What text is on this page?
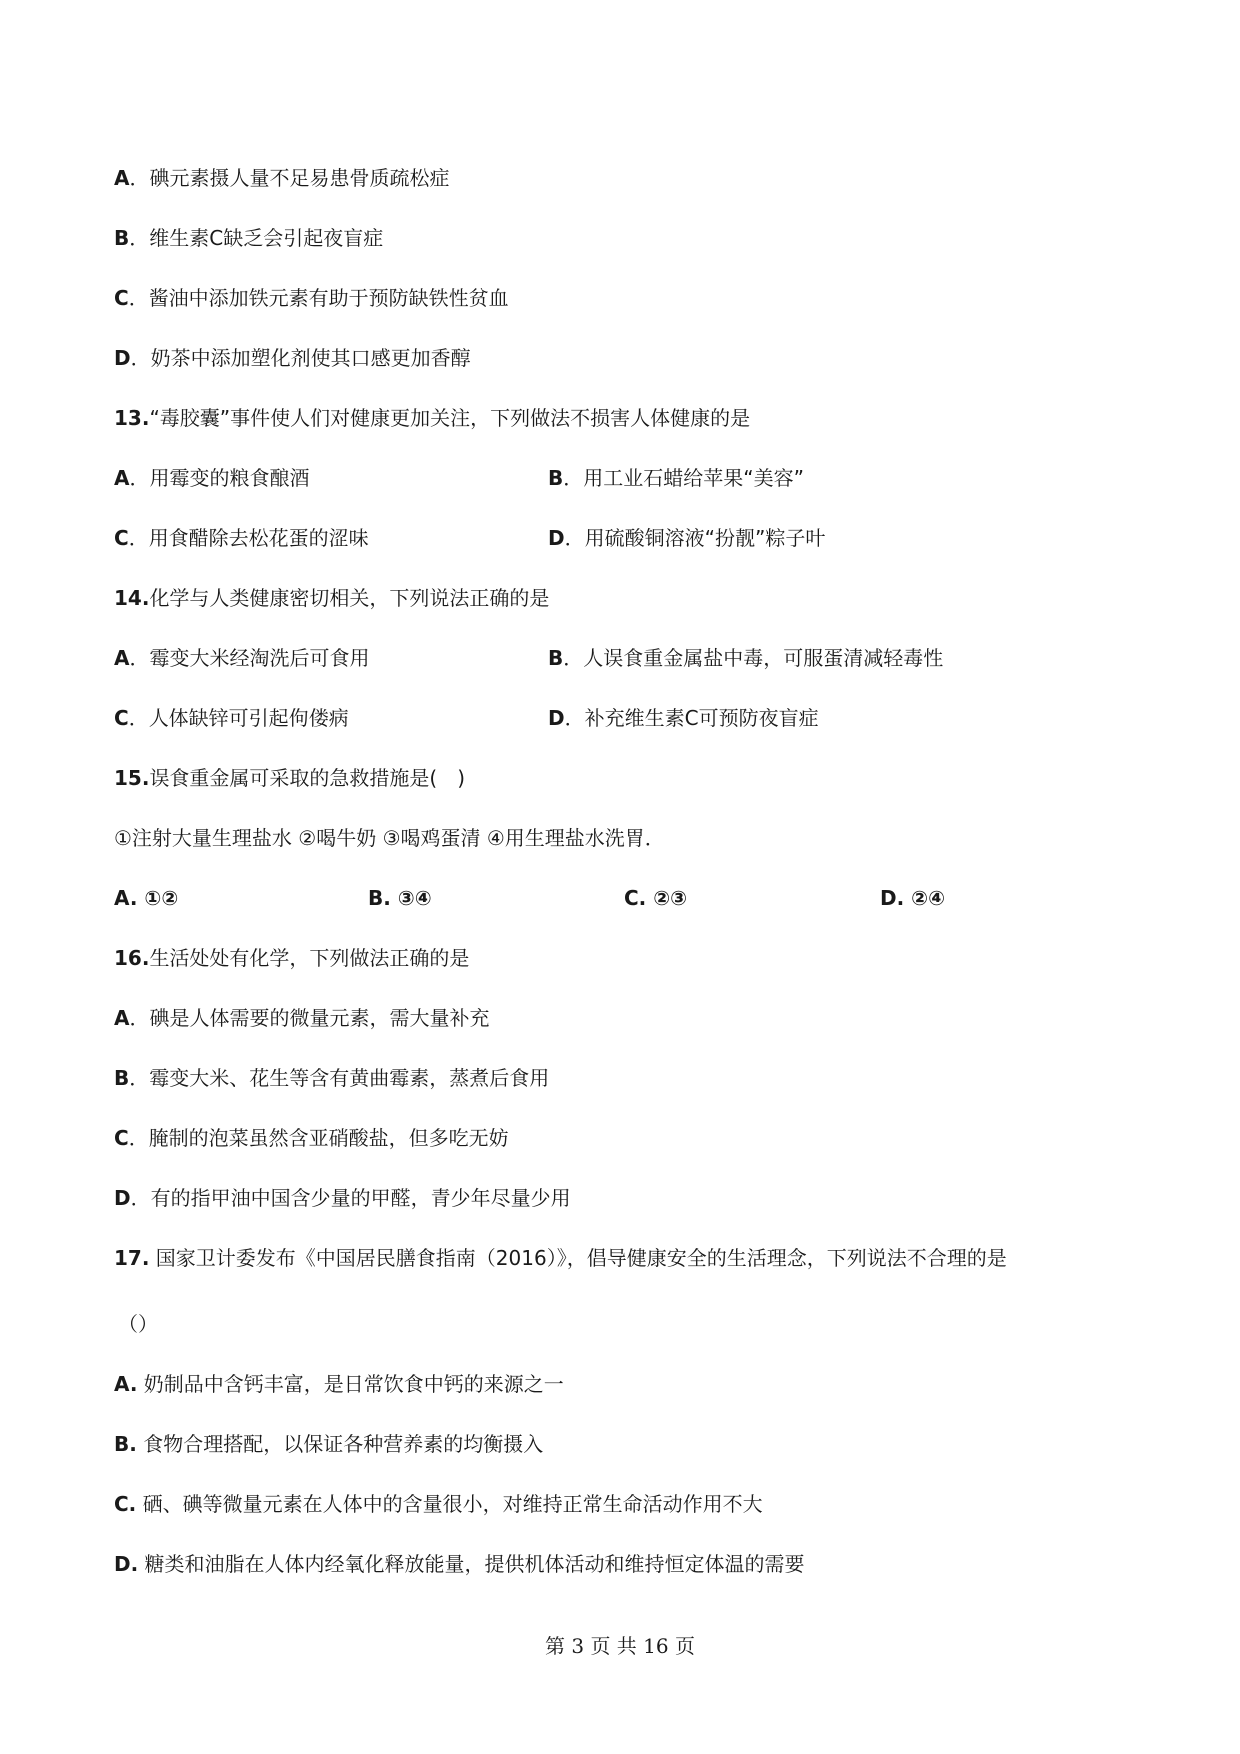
A．碘元素摄人量不足易患骨质疏松症
B．维生素C缺乏会引起夜盲症
C．酱油中添加铁元素有助于预防缺铁性贫血
D．奶茶中添加塑化剂使其口感更加香醇
13.“毒胶囊”事件使人们对健康更加关注，下列做法不损害人体健康的是
A．用霉变的粮食酿酒	B．用工业石蜡给苹果“美容”
C．用食醋除去松花蛋的涩味	D．用硫酸铜溶液“扮靓”粽子叶
14.化学与人类健康密切相关，下列说法正确的是
A．霉变大米经淘洗后可食用	B．人误食重金属盐中毒，可服蛋清减轻毒性
C．人体缺锌可引起佝偻病	D．补充维生素C可预防夜盲症
15.误食重金属可采取的急救措施是(　)
①注射大量生理盐水 ②喝牛奶 ③喝鸡蛋清 ④用生理盐水洗胃．
A. ①②	B. ③④	C. ②③	D. ②④
16.生活处处有化学，下列做法正确的是
A．碘是人体需要的微量元素，需大量补充
B．霉变大米、花生等含有黄曲霉素，蒸煮后食用
C．腌制的泡菜虽然含亚硝酸盐，但多吃无妨
D．有的指甲油中国含少量的甲醛，青少年尽量少用
17. 国家卫计委发布《中国居民膳食指南（2016）》，倡导健康安全的生活理念，下列说法不合理的是
（）
A. 奶制品中含钙丰富，是日常饮食中钙的来源之一
B. 食物合理搭配，以保证各种营养素的均衡摄入
C. 硒、碘等微量元素在人体中的含量很小，对维持正常生命活动作用不大
D. 糖类和油脂在人体内经氧化释放能量，提供机体活动和维持恒定体温的需要
第 3 页 共 16 页
